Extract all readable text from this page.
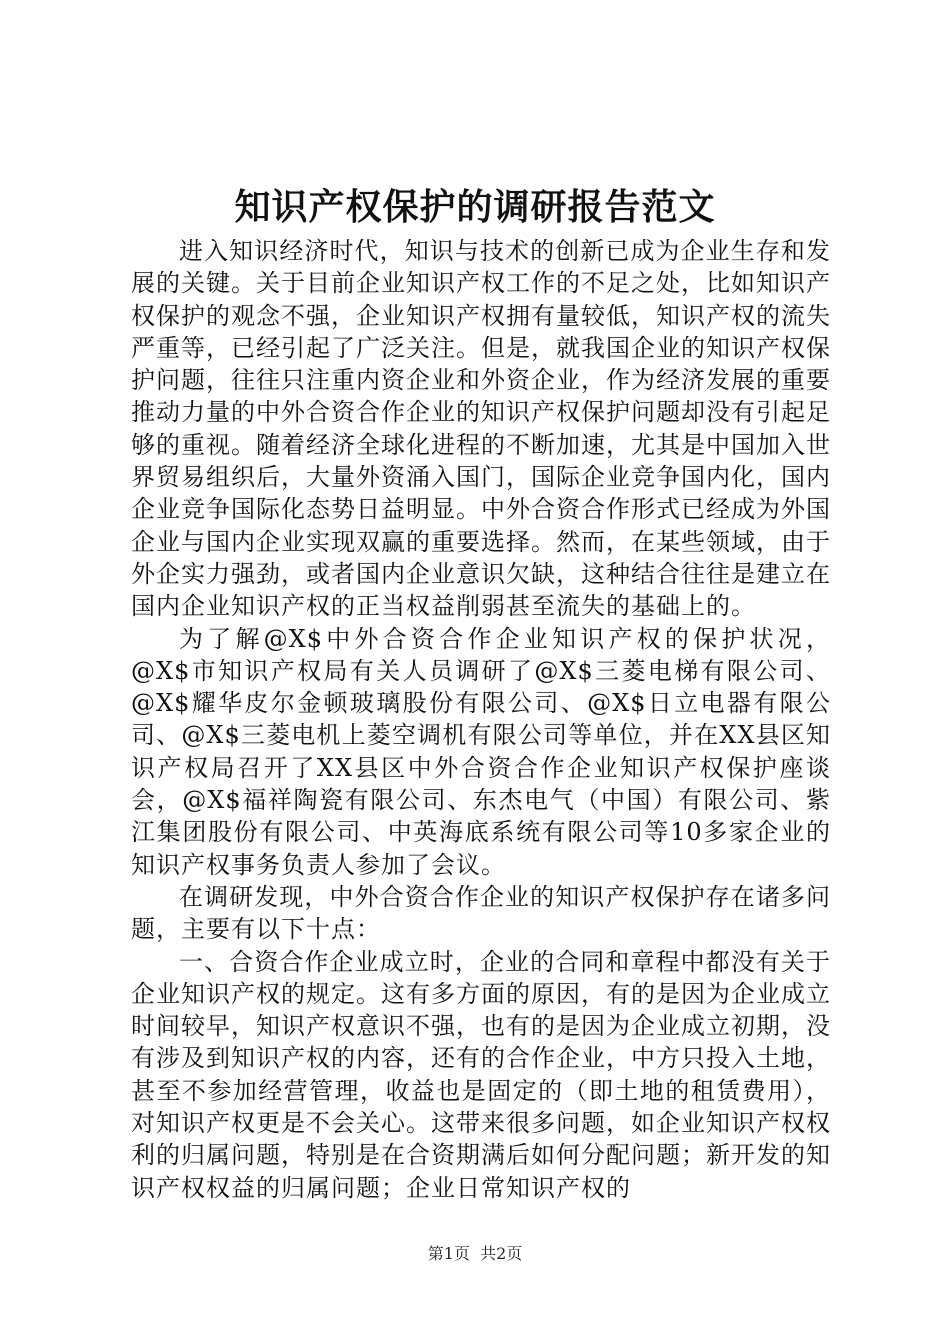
知识产权保护的调研报告范文

进入知识经济时代，知识与技术的创新已成为企业生存和发展的关键。关于目前企业知识产权工作的不足之处，比如知识产权保护的观念不强，企业知识产权拥有量较低，知识产权的流失严重等，已经引起了广泛关注。但是，就我国企业的知识产权保护问题，往往只注重内资企业和外资企业，作为经济发展的重要推动力量的中外合资合作企业的知识产权保护问题却没有引起足够的重视。随着经济全球化进程的不断加速，尤其是中国加入世界贸易组织后，大量外资涌入国门，国际企业竞争国内化，国内企业竞争国际化态势日益明显。中外合资合作形式已经成为外国企业与国内企业实现双赢的重要选择。然而，在某些领域，由于外企实力强劲，或者国内企业意识欠缺，这种结合往往是建立在国内企业知识产权的正当权益削弱甚至流失的基础上的。

为了解@X$中外合资合作企业知识产权的保护状况，@X$市知识产权局有关人员调研了@X$三菱电梯有限公司、@X$耀华皮尔金顿玻璃股份有限公司、@X$日立电器有限公司、@X$三菱电机上菱空调机有限公司等单位，并在XX县区知识产权局召开了XX县区中外合资合作企业知识产权保护座谈会，@X$福祥陶瓷有限公司、东杰电气（中国）有限公司、紫江集团股份有限公司、中英海底系统有限公司等10多家企业的知识产权事务负责人参加了会议。

在调研发现，中外合资合作企业的知识产权保护存在诸多问题，主要有以下十点：

一、合资合作企业成立时，企业的合同和章程中都没有关于企业知识产权的规定。这有多方面的原因，有的是因为企业成立时间较早，知识产权意识不强，也有的是因为企业成立初期，没有涉及到知识产权的内容，还有的合作企业，中方只投入土地，甚至不参加经营管理，收益也是固定的（即土地的租赁费用），对知识产权更是不会关心。这带来很多问题，如企业知识产权权利的归属问题，特别是在合资期满后如何分配问题；新开发的知识产权权益的归属问题；企业日常知识产权的

第1页  共2页
